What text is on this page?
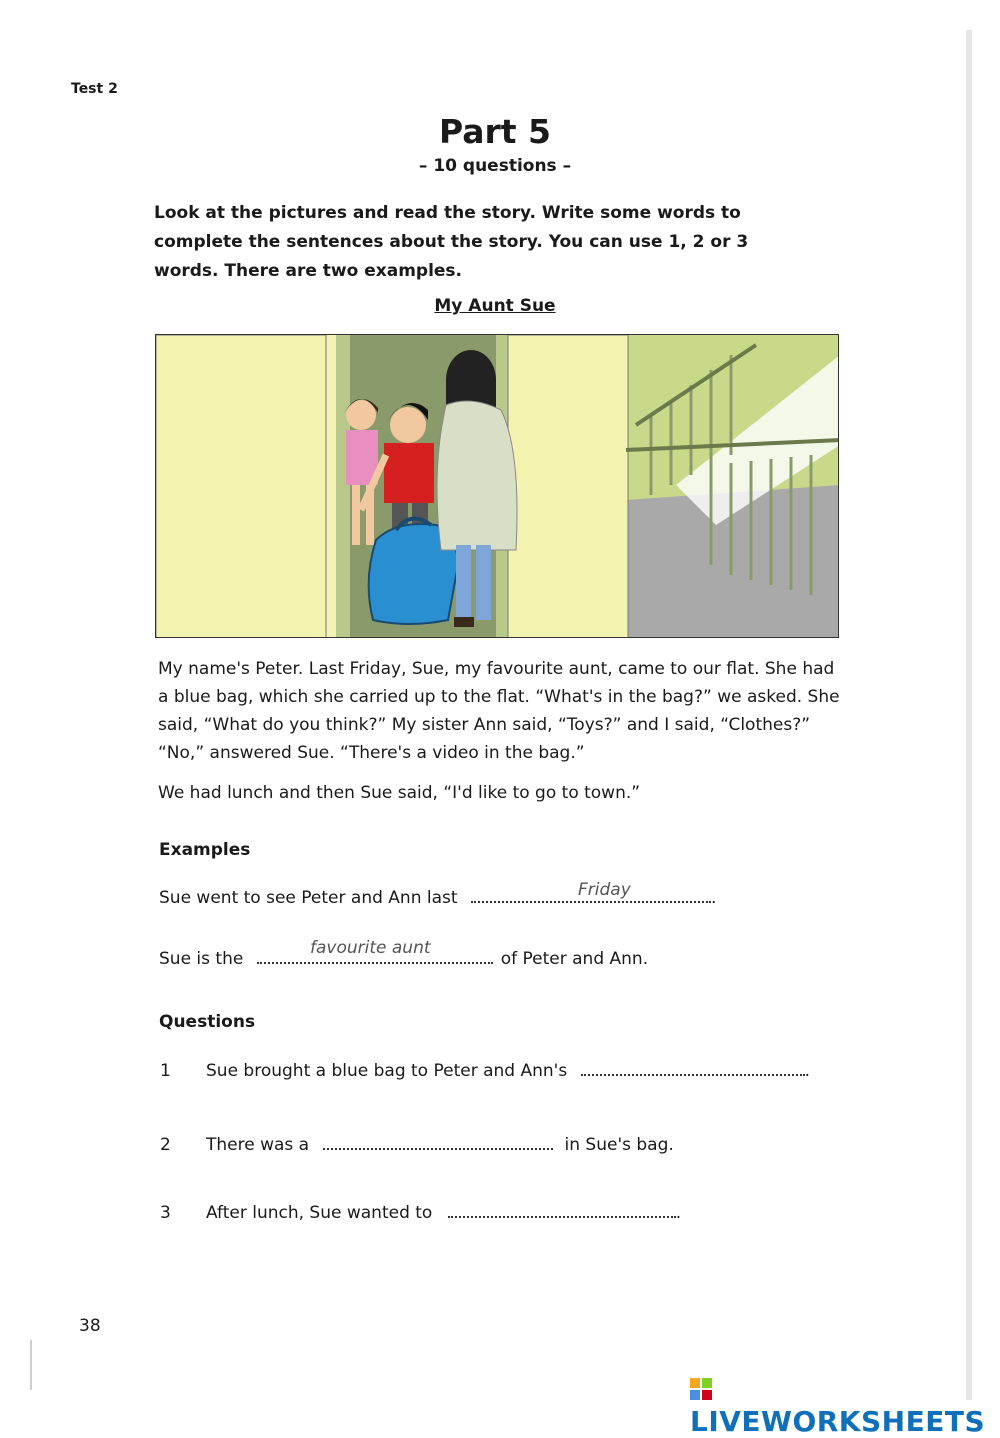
Test 2
Part 5
– 10 questions –
Look at the pictures and read the story. Write some words to complete the sentences about the story. You can use 1, 2 or 3 words. There are two examples.
My Aunt Sue

My name's Peter. Last Friday, Sue, my favourite aunt, came to our flat. She had a blue bag, which she carried up to the flat. “What's in the bag?” we asked. She said, “What do you think?” My sister Ann said, “Toys?” and I said, “Clothes?” “No,” answered Sue. “There's a video in the bag.”

We had lunch and then Sue said, “I'd like to go to town.”

Examples
Sue went to see Peter and Ann last	.
Friday
Sue is the	of Peter and Ann.
favourite aunt
Questions
1 Sue brought a blue bag to Peter and Ann's	.
2 There was a	in Sue's bag.
3 After lunch, Sue wanted to	.
38
LIVEWORKSHEETS
